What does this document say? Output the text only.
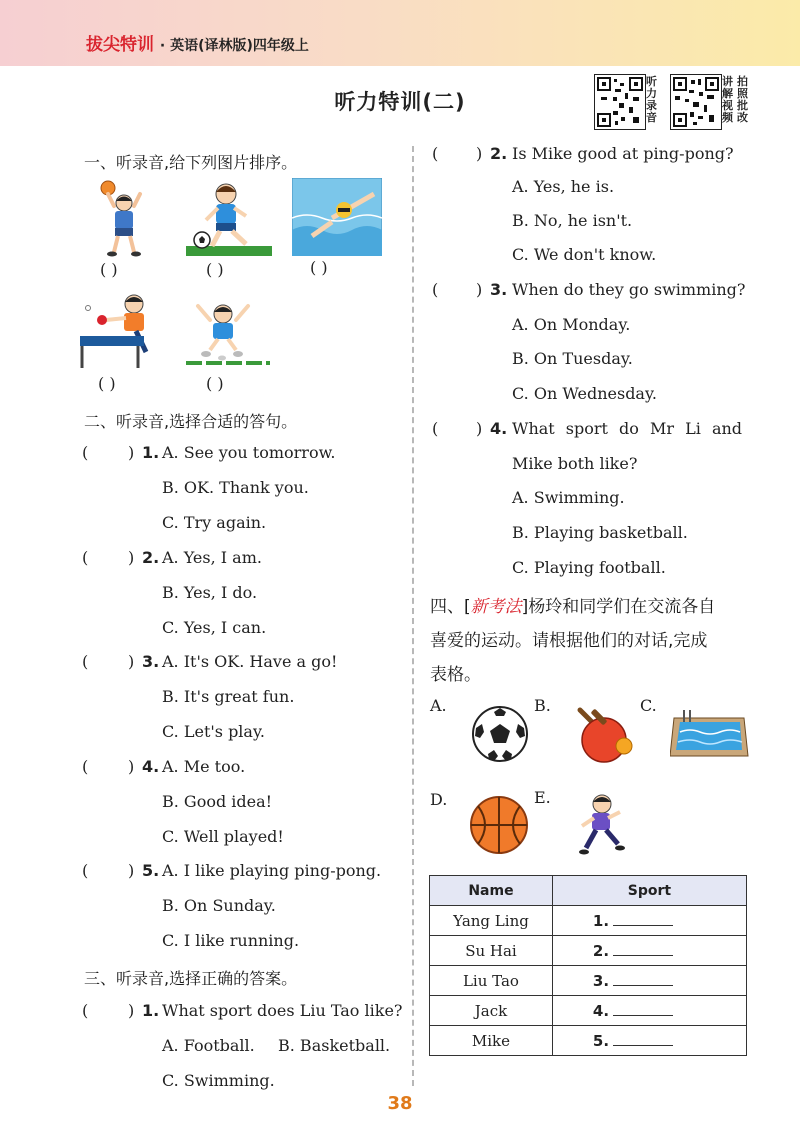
拔尖特训 · 英语(译林版)四年级上
听力特训(二)
听力录音
讲解视频
拍照批改
一、听录音,给下列图片排序。
( )	( )	( )
( )	( )
二、听录音,选择合适的答句。
( ) 1. A. See you tomorrow.
B. OK. Thank you.
C. Try again.
( ) 2. A. Yes, I am.
B. Yes, I do.
C. Yes, I can.
( ) 3. A. It's OK. Have a go!
B. It's great fun.
C. Let's play.
( ) 4. A. Me too.
B. Good idea!
C. Well played!
( ) 5. A. I like playing ping-pong.
B. On Sunday.
C. I like running.
三、听录音,选择正确的答案。
( ) 1. What sport does Liu Tao like?
A. Football. B. Basketball.
C. Swimming.
( ) 2. Is Mike good at ping-pong?
A. Yes, he is.
B. No, he isn't.
C. We don't know.
( ) 3. When do they go swimming?
A. On Monday.
B. On Tuesday.
C. On Wednesday.
( ) 4. What sport do Mr Li and
Mike both like?
A. Swimming.
B. Playing basketball.
C. Playing football.
四、[新考法]杨玲和同学们在交流各自
喜爱的运动。请根据他们的对话,完成
表格。
A.	B.	C.
D.	E.
Name	Sport
Yang Ling	1.
Su Hai	2.
Liu Tao	3.
Jack	4.
Mike	5.
38
